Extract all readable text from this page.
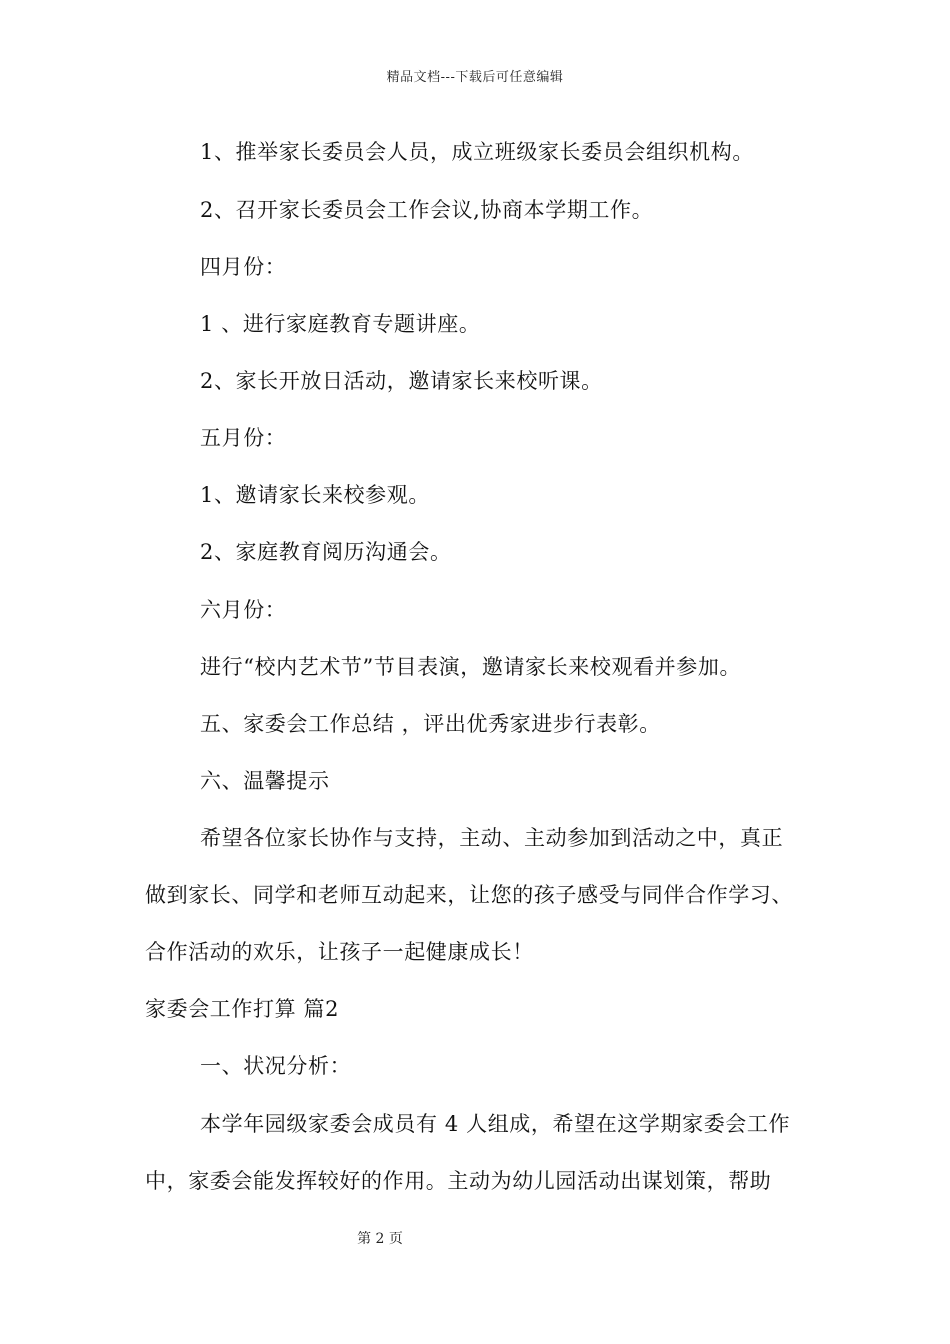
精品文档---下载后可任意编辑
1、推举家长委员会人员，成立班级家长委员会组织机构。
2、召开家长委员会工作会议,协商本学期工作。
四月份：
1 、进行家庭教育专题讲座。
2、家长开放日活动，邀请家长来校听课。
五月份：
1、邀请家长来校参观。
2、家庭教育阅历沟通会。
六月份：
进行“校内艺术节”节目表演，邀请家长来校观看并参加。
五、家委会工作总结 ，评出优秀家进步行表彰。
六、温馨提示
希望各位家长协作与支持，主动、主动参加到活动之中，真正
做到家长、同学和老师互动起来，让您的孩子感受与同伴合作学习、
合作活动的欢乐，让孩子一起健康成长！
家委会工作打算 篇2
一、状况分析：
本学年园级家委会成员有 4 人组成，希望在这学期家委会工作
中，家委会能发挥较好的作用。主动为幼儿园活动出谋划策，帮助
第 2 页
